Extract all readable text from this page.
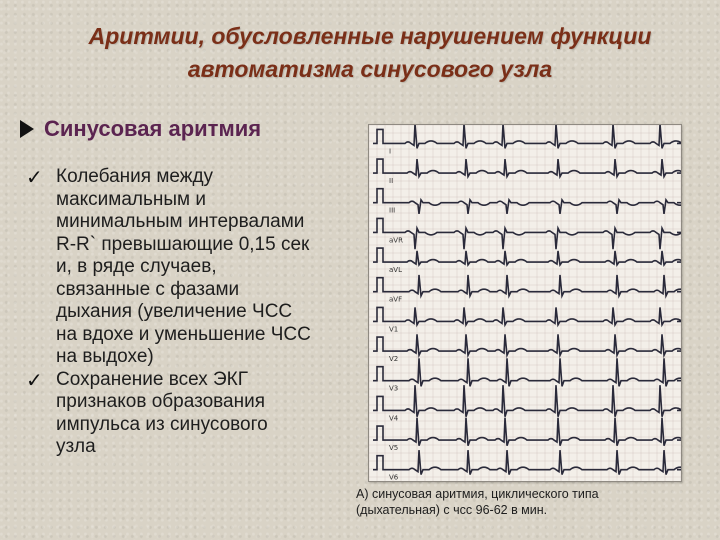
Аритмии, обусловленные нарушением функции
автоматизма синусового узла
Синусовая аритмия
✓ Колебания между
максимальным и
минимальным интервалами
R-R` превышающие 0,15 сек
и, в ряде случаев,
связанные с фазами
дыхания (увеличение ЧСС
на вдохе и уменьшение ЧСС
на выдохе)
✓ Сохранение всех ЭКГ
признаков образования
импульса из синусового
узла
I
II
III
aVR
aVL
aVF
V1
V2
V3
V4
V5
V6
А) синусовая аритмия, циклического типа
(дыхательная) с чсс 96-62 в мин.
